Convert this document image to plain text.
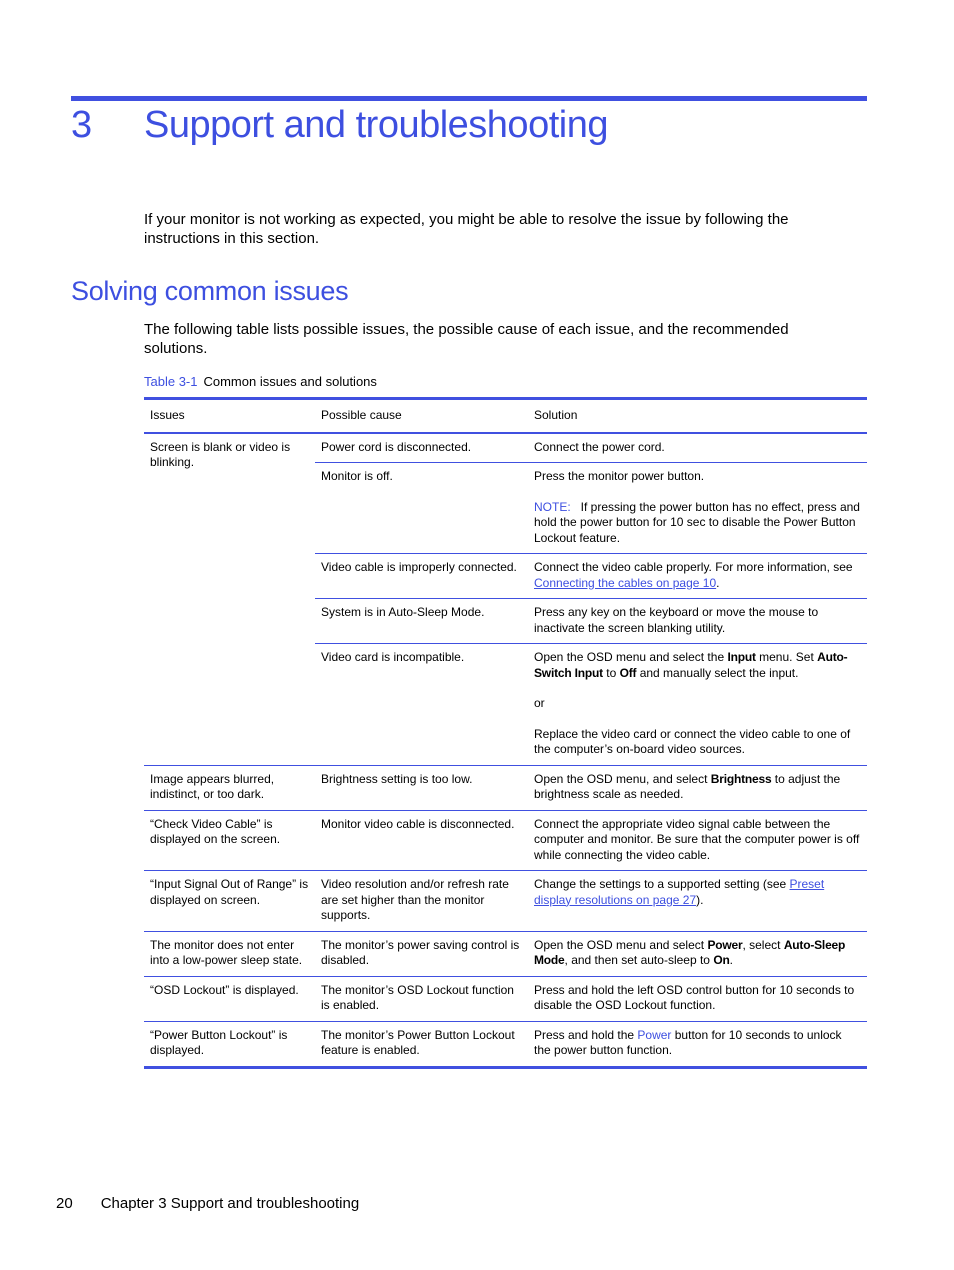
3 Support and troubleshooting

If your monitor is not working as expected, you might be able to resolve the issue by following the instructions in this section.

Solving common issues

The following table lists possible issues, the possible cause of each issue, and the recommended solutions.

Table 3-1 Common issues and solutions
Issues	Possible cause	Solution
Screen is blank or video is blinking.	Power cord is disconnected.	Connect the power cord.
	Monitor is off.	Press the monitor power button.
NOTE: If pressing the power button has no effect, press and hold the power button for 10 sec to disable the Power Button Lockout feature.
	Video cable is improperly connected.	Connect the video cable properly. For more information, see Connecting the cables on page 10.
	System is in Auto-Sleep Mode.	Press any key on the keyboard or move the mouse to inactivate the screen blanking utility.
	Video card is incompatible.	Open the OSD menu and select the Input menu. Set Auto-Switch Input to Off and manually select the input.
or
Replace the video card or connect the video cable to one of the computer’s on-board video sources.
Image appears blurred, indistinct, or too dark.	Brightness setting is too low.	Open the OSD menu, and select Brightness to adjust the brightness scale as needed.
“Check Video Cable” is displayed on the screen.	Monitor video cable is disconnected.	Connect the appropriate video signal cable between the computer and monitor. Be sure that the computer power is off while connecting the video cable.
“Input Signal Out of Range” is displayed on screen.	Video resolution and/or refresh rate are set higher than the monitor supports.	Change the settings to a supported setting (see Preset display resolutions on page 27).
The monitor does not enter into a low-power sleep state.	The monitor’s power saving control is disabled.	Open the OSD menu and select Power, select Auto-Sleep Mode, and then set auto-sleep to On.
“OSD Lockout” is displayed.	The monitor’s OSD Lockout function is enabled.	Press and hold the left OSD control button for 10 seconds to disable the OSD Lockout function.
“Power Button Lockout” is displayed.	The monitor’s Power Button Lockout feature is enabled.	Press and hold the Power button for 10 seconds to unlock the power button function.
20 Chapter 3 Support and troubleshooting
